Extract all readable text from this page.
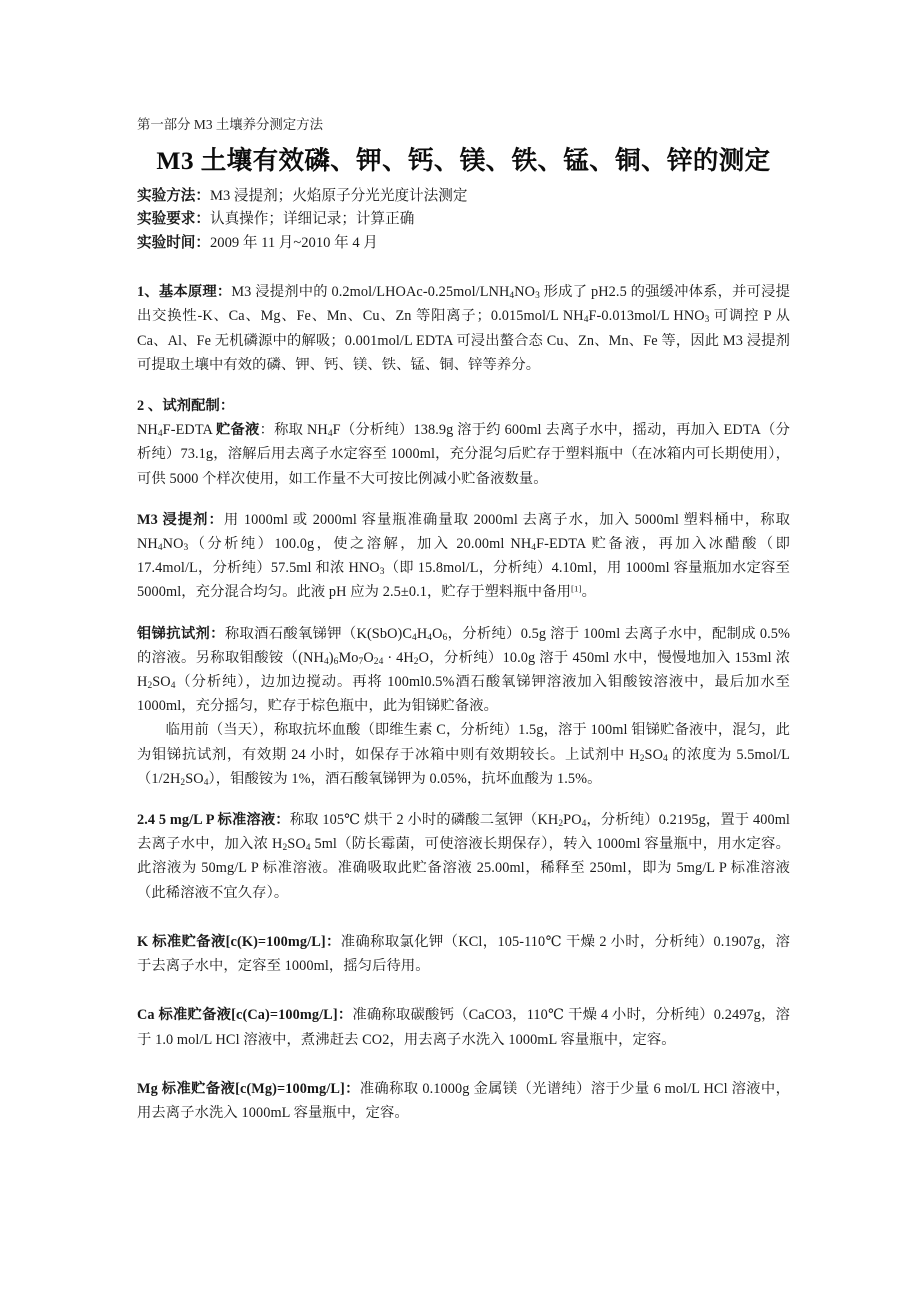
第一部分 M3 土壤养分测定方法
M3 土壤有效磷、钾、钙、镁、铁、锰、铜、锌的测定
实验方法：M3 浸提剂；火焰原子分光光度计法测定
实验要求：认真操作；详细记录；计算正确
实验时间：2009 年 11 月~2010 年 4 月

1、基本原理：M3 浸提剂中的 $0.2mol/LHOAc-0.25mol/LNH_4NO_3$ 形成了 pH2.5 的强缓冲体系，并可浸提出交换性-K、Ca、Mg、Fe、Mn、Cu、Zn 等阳离子；0.015mol/L $NH_4F-0.013mol/L$ $HNO_3$ 可调控 P 从 Ca、Al、Fe 无机磷源中的解吸；0.001mol/L EDTA 可浸出螯合态 Cu、Zn、Mn、Fe 等，因此 M3 浸提剂可提取土壤中有效的磷、钾、钙、镁、铁、锰、铜、锌等养分。

2 、试剂配制：

$NH_4F$-EDTA 贮备液：称取 $NH_4F$（分析纯）138.9g 溶于约 600ml 去离子水中，摇动，再加入 EDTA（分析纯）73.1g，溶解后用去离子水定容至 1000ml，充分混匀后贮存于塑料瓶中（在冰箱内可长期使用），可供 5000 个样次使用，如工作量不大可按比例减小贮备液数量。

M3 浸提剂：用 1000ml 或 2000ml 容量瓶准确量取 2000ml 去离子水，加入 5000ml 塑料桶中，称取 $NH_4NO_3$（分析纯）100.0g，使之溶解，加入 20.00ml $NH_4F$-EDTA 贮备液，再加入冰醋酸（即 17.4mol/L，分析纯）57.5ml 和浓 $HNO_3$（即 15.8mol/L，分析纯）4.10ml，用 1000ml 容量瓶加水定容至 5000ml，充分混合均匀。此液 pH 应为 2.5±0.1，贮存于塑料瓶中备用[1]。

钼锑抗试剂：称取酒石酸氧锑钾（$K(SbO)C_4H_4O_6$，分析纯）0.5g 溶于 100ml 去离子水中，配制成 0.5%的溶液。另称取钼酸铵（$(NH_4)_6Mo_7O_{24} \cdot 4H_2O$，分析纯）10.0g 溶于 450ml 水中，慢慢地加入 153ml 浓 $H_2SO_4$（分析纯），边加边搅动。再将 100ml0.5%酒石酸氧锑钾溶液加入钼酸铵溶液中，最后加水至 1000ml，充分摇匀，贮存于棕色瓶中，此为钼锑贮备液。

临用前（当天），称取抗坏血酸（即维生素 C，分析纯）1.5g，溶于 100ml 钼锑贮备液中，混匀，此为钼锑抗试剂，有效期 24 小时，如保存于冰箱中则有效期较长。上试剂中 $H_2SO_4$ 的浓度为 $5.5mol/L(1/2H_2SO_4)$，钼酸铵为 1%，酒石酸氧锑钾为 0.05%，抗坏血酸为 1.5%。

2.4 5 mg/L P 标准溶液：称取 105℃ 烘干 2 小时的磷酸二氢钾（$KH_2PO_4$，分析纯）0.2195g，置于 400ml 去离子水中，加入浓 $H_2SO_4$ 5ml（防长霉菌，可使溶液长期保存），转入 1000ml 容量瓶中，用水定容。此溶液为 50mg/L P 标准溶液。准确吸取此贮备溶液 25.00ml，稀释至 250ml，即为 5mg/L P 标准溶液（此稀溶液不宜久存）。

K 标准贮备液[c(K)=100mg/L]：准确称取氯化钾（KCl，105-110℃ 干燥 2 小时，分析纯）0.1907g，溶于去离子水中，定容至 1000ml，摇匀后待用。

Ca 标准贮备液[c(Ca)=100mg/L]：准确称取碳酸钙（CaCO3，110℃ 干燥 4 小时，分析纯）0.2497g，溶于 1.0 mol/L HCl 溶液中，煮沸赶去 CO2，用去离子水洗入 1000mL 容量瓶中，定容。

Mg 标准贮备液[c(Mg)=100mg/L]：准确称取 0.1000g 金属镁（光谱纯）溶于少量 6 mol/L HCl 溶液中，用去离子水洗入 1000mL 容量瓶中，定容。
